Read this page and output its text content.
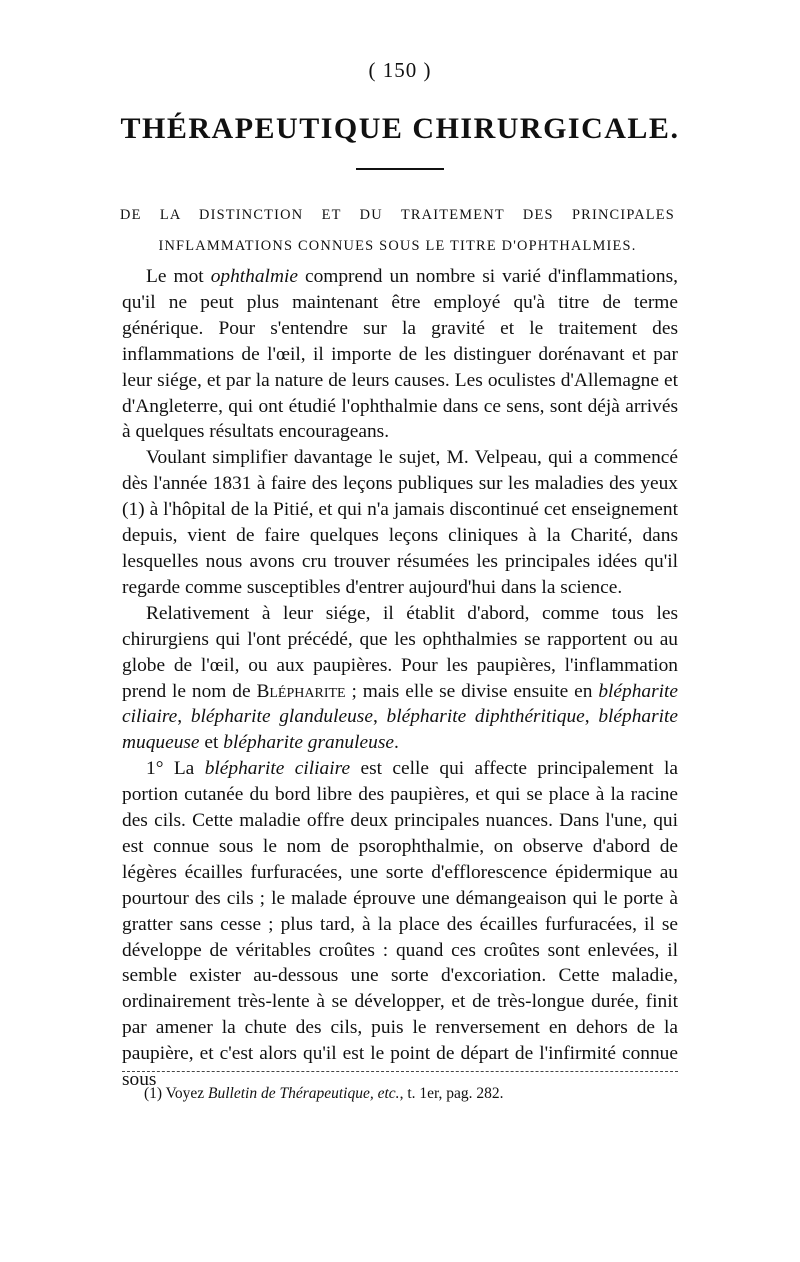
( 150 )
THÉRAPEUTIQUE CHIRURGICALE.
DE LA DISTINCTION ET DU TRAITEMENT DES PRINCIPALES INFLAMMATIONS CONNUES SOUS LE TITRE D'OPHTHALMIES.

Le mot ophthalmie comprend un nombre si varié d'inflammations, qu'il ne peut plus maintenant être employé qu'à titre de terme générique. Pour s'entendre sur la gravité et le traitement des inflammations de l'œil, il importe de les distinguer dorénavant et par leur siége, et par la nature de leurs causes. Les oculistes d'Allemagne et d'Angleterre, qui ont étudié l'ophthalmie dans ce sens, sont déjà arrivés à quelques résultats encourageans.

Voulant simplifier davantage le sujet, M. Velpeau, qui a commencé dès l'année 1831 à faire des leçons publiques sur les maladies des yeux (1) à l'hôpital de la Pitié, et qui n'a jamais discontinué cet enseignement depuis, vient de faire quelques leçons cliniques à la Charité, dans lesquelles nous avons cru trouver résumées les principales idées qu'il regarde comme susceptibles d'entrer aujourd'hui dans la science.

Relativement à leur siége, il établit d'abord, comme tous les chirurgiens qui l'ont précédé, que les ophthalmies se rapportent ou au globe de l'œil, ou aux paupières. Pour les paupières, l'inflammation prend le nom de Blépharite ; mais elle se divise ensuite en blépharite ciliaire, blépharite glanduleuse, blépharite diphthéritique, blépharite muqueuse et blépharite granuleuse.

1° La blépharite ciliaire est celle qui affecte principalement la portion cutanée du bord libre des paupières, et qui se place à la racine des cils. Cette maladie offre deux principales nuances. Dans l'une, qui est connue sous le nom de psorophthalmie, on observe d'abord de légères écailles furfuracées, une sorte d'efflorescence épidermique au pourtour des cils ; le malade éprouve une démangeaison qui le porte à gratter sans cesse ; plus tard, à la place des écailles furfuracées, il se développe de véritables croûtes : quand ces croûtes sont enlevées, il semble exister au-dessous une sorte d'excoriation. Cette maladie, ordinairement très-lente à se développer, et de très-longue durée, finit par amener la chute des cils, puis le renversement en dehors de la paupière, et c'est alors qu'il est le point de départ de l'infirmité connue sous

(1) Voyez Bulletin de Thérapeutique, etc., t. 1er, pag. 282.
